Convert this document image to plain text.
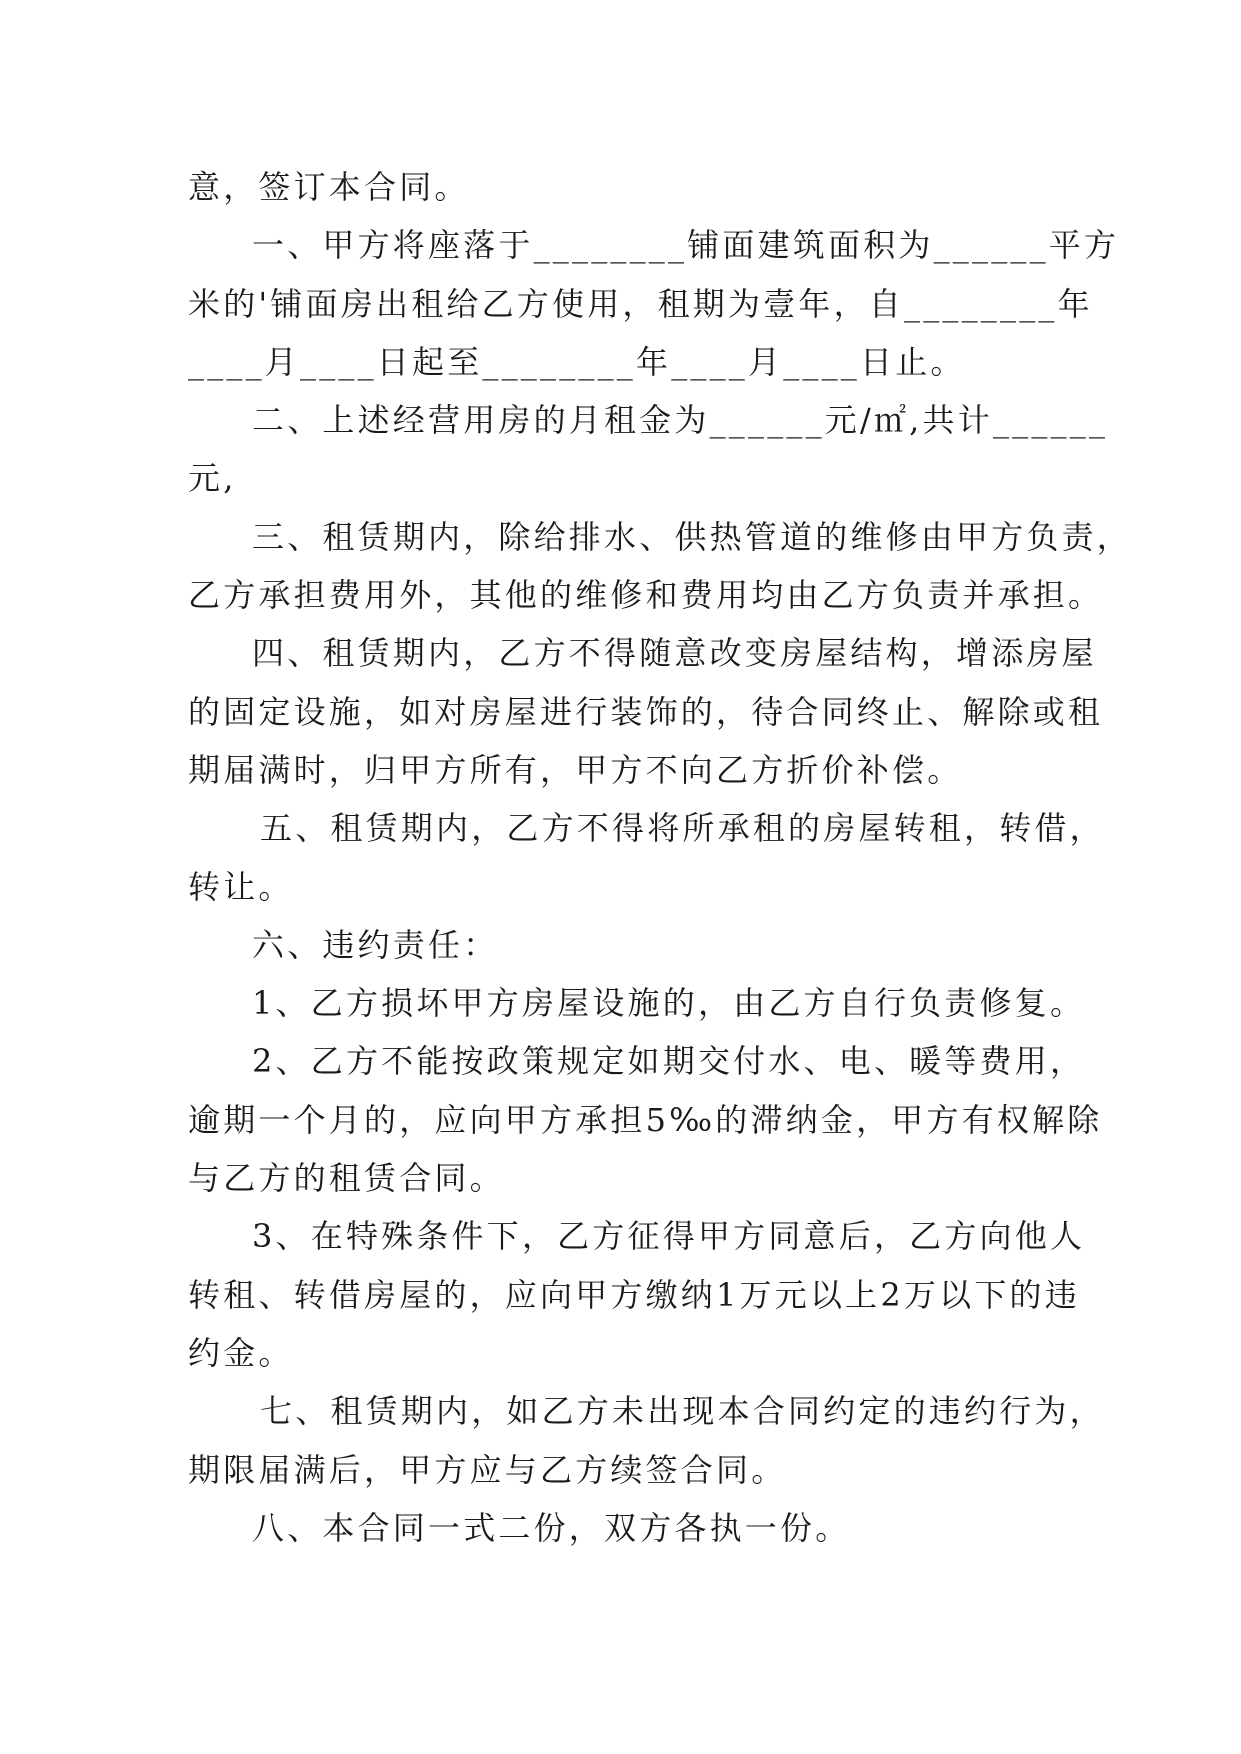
意，签订本合同。
一、甲方将座落于________铺面建筑面积为______平方
米的'铺面房出租给乙方使用，租期为壹年，自________年
____月____日起至________年____月____日止。
二、上述经营用房的月租金为______元/㎡,共计______
元,
三、租赁期内，除给排水、供热管道的维修由甲方负责，
乙方承担费用外，其他的维修和费用均由乙方负责并承担。
四、租赁期内，乙方不得随意改变房屋结构，增添房屋
的固定设施，如对房屋进行装饰的，待合同终止、解除或租
期届满时，归甲方所有，甲方不向乙方折价补偿。
五、租赁期内，乙方不得将所承租的房屋转租，转借，
转让。
六、违约责任：
1、乙方损坏甲方房屋设施的，由乙方自行负责修复。
2、乙方不能按政策规定如期交付水、电、暖等费用，
逾期一个月的，应向甲方承担5‰的滞纳金，甲方有权解除
与乙方的租赁合同。
3、在特殊条件下，乙方征得甲方同意后，乙方向他人
转租、转借房屋的，应向甲方缴纳1万元以上2万以下的违
约金。
七、租赁期内，如乙方未出现本合同约定的违约行为，
期限届满后，甲方应与乙方续签合同。
八、本合同一式二份，双方各执一份。
